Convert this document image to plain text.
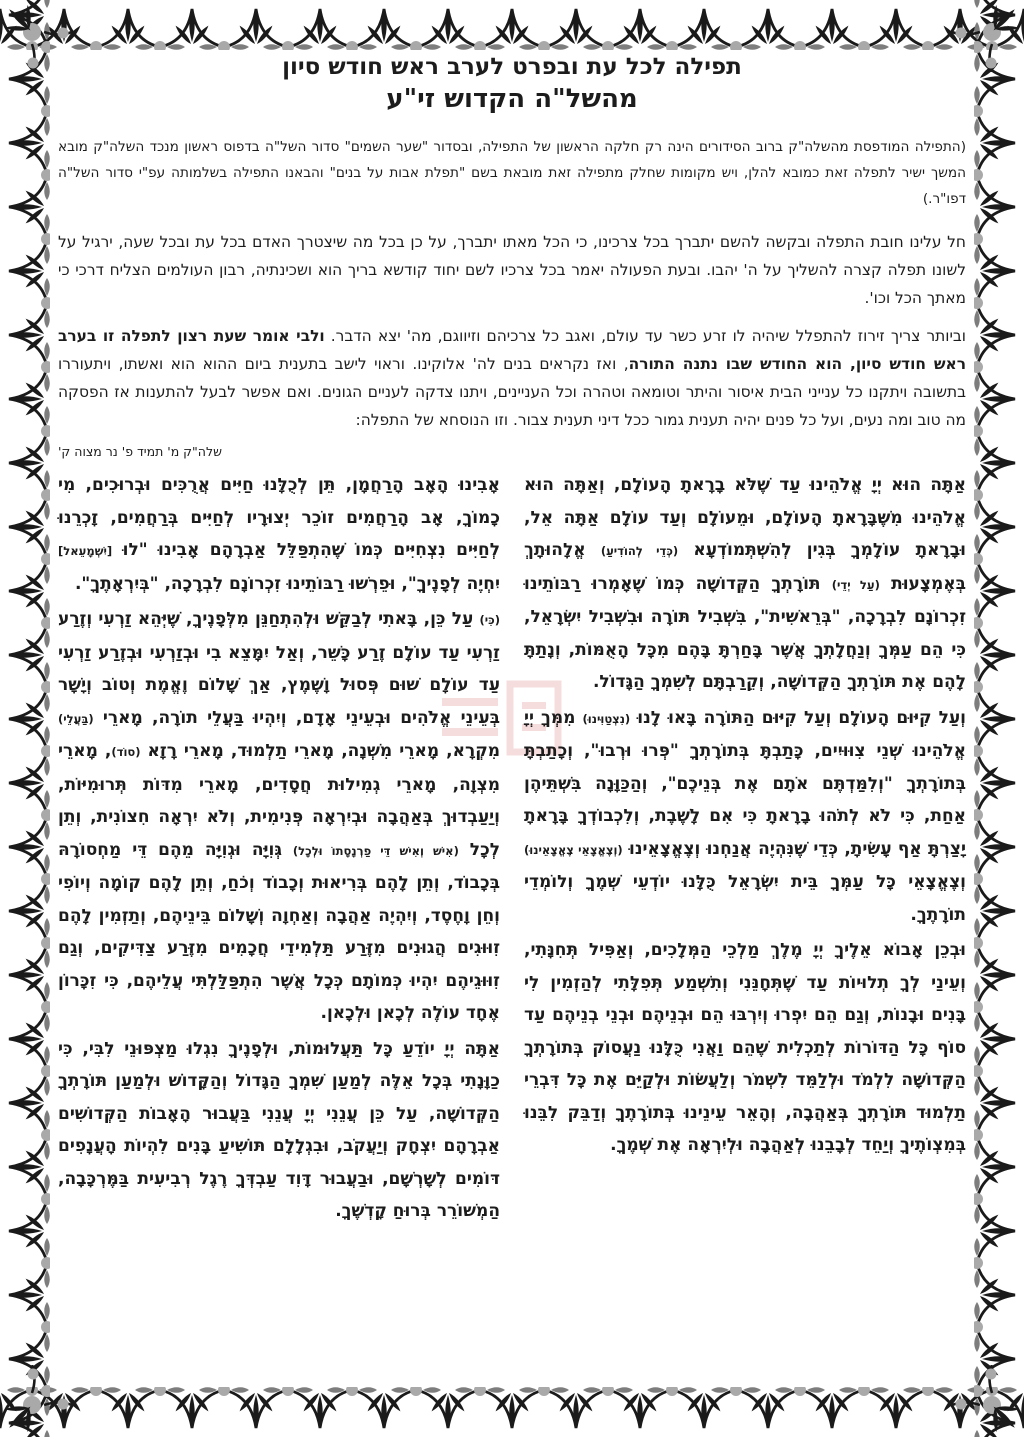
תפילה לכל עת ובפרט לערב ראש חודש סיון
מהשל"ה הקדוש זי"ע

(התפילה המודפסת מהשלה"ק ברוב הסידורים הינה רק חלקה הראשון של התפילה, ובסדור "שער השמים" סדור השל"ה בדפוס ראשון מנכד השלה"ק מובא המשך ישיר לתפלה זאת כמובא להלן, ויש מקומות שחלק מתפילה זאת מובאת בשם "תפלת אבות על בנים" והבאנו התפילה בשלמותה עפ"י סדור השל"ה דפו"ר.)

חל עלינו חובת התפלה ובקשה להשם יתברך בכל צרכינו, כי הכל מאתו יתברך, על כן בכל מה שיצטרך האדם בכל עת ובכל שעה, ירגיל על לשונו תפלה קצרה להשליך על ה' יהבו. ובעת הפעולה יאמר בכל צרכיו לשם יחוד קודשא בריך הוא ושכינתיה, רבון העולמים הצליח דרכי כי מאתך הכל וכו'.

וביותר צריך זירוז להתפלל שיהיה לו זרע כשר עד עולם, ואגב כל צרכיהם וזיווגם, מה' יצא הדבר. ולבי אומר שעת רצון לתפלה זו בערב ראש חודש סיון, הוא החודש שבו נתנה התורה, ואז נקראים בנים לה' אלוקינו. וראוי לישב בתענית ביום ההוא הוא ואשתו, ויתעוררו בתשובה ויתקנו כל ענייני הבית איסור והיתר וטומאה וטהרה וכל העניינים, ויתנו צדקה לעניים הגונים. ואם אפשר לבעל להתענות אז הפסקה מה טוב ומה נעים, ועל כל פנים יהיה תענית גמור ככל דיני תענית צבור. וזו הנוסחא של התפלה:

שלה"ק מ' תמיד פ' נר מצוה ק'

אַתָּה הוּא יְיָ אֱלֹהֵינוּ עַד שֶׁלֹּא בָרָאתָ הָעוֹלָם, וְאַתָּה הוּא אֱלֹהֵינוּ מִשֶּׁבָּרָאתָ הָעוֹלָם, וּמֵעוֹלָם וְעַד עוֹלָם אַתָּה אֵל, וּבָרָאתָ עוֹלָמְךָ בְּגִין לְהִשְׁתְּמוֹדְעָא (כְּדֵי לְהוֹדִיעַ) אֱלָהוּתָךְ בְּאֶמְצָעוּת (עַל יְדֵי) תּוֹרָתְךָ הַקְּדוֹשָׁה כְּמוֹ שֶׁאָמְרוּ רַבּוֹתֵינוּ זִכְרוֹנָם לִבְרָכָה, "בְּרֵאשִׁית", בִּשְׁבִיל תּוֹרָה וּבִשְׁבִיל יִשְׂרָאֵל, כִּי הֵם עַמְּךָ וְנַחֲלָתְךָ אֲשֶׁר בָּחַרְתָּ בָּהֶם מִכָּל הָאֻמּוֹת, וְנָתַתָּ לָהֶם אֶת תּוֹרָתְךָ הַקְּדוֹשָׁה, וְקֵרַבְתָּם לְשִׁמְךָ הַגָּדוֹל.

וְעַל קִיּוּם הָעוֹלָם וְעַל קִיּוּם הַתּוֹרָה בָּאוּ לָנוּ (נִצְטַוִּינוּ) מִמְּךָ יְיָ אֱלֹהֵינוּ שְׁנֵי צִוּוּיִים, כָּתַבְתָּ בְּתוֹרָתְךָ "פְּרוּ וּרְבוּ", וְכָתַבְתָּ בְּתוֹרָתְךָ "וְלִמַּדְתֶּם אֹתָם אֶת בְּנֵיכֶם", וְהַכַּוָּנָה בִּשְׁתֵּיהֶן אַחַת, כִּי לֹא לְתֹהוּ בָרָאתָ כִּי אִם לָשֶׁבֶת, וְלִכְבוֹדְךָ בָּרָאתָ יָצַרְתָּ אַף עָשִׂיתָ, כְּדֵי שֶׁנִּהְיֶה אֲנַחְנוּ וְצֶאֱצָאֵינוּ (וְצֶאֱצָאֵי צֶאֱצָאֵינוּ) וְצֶאֱצָאֵי כָּל עַמְּךָ בֵּית יִשְׂרָאֵל כֻּלָּנוּ יוֹדְעֵי שְׁמֶךָ וְלוֹמְדֵי תוֹרָתֶךָ.

וּבְכֵן אָבוֹא אֵלֶיךָ יְיָ מֶלֶךְ מַלְכֵי הַמְּלָכִים, וְאַפִּיל תְּחִנָּתִי, וְעֵינַי לְךָ תְלוּיוֹת עַד שֶׁתְּחָנֵּנִי וְתִשְׁמַע תְּפִלָּתִי לְהַזְמִין לִי בָּנִים וּבָנוֹת, וְגַם הֵם יִפְרוּ וְיִרְבּוּ הֵם וּבְנֵיהֶם וּבְנֵי בְנֵיהֶם עַד סוֹף כָּל הַדּוֹרוֹת לְתַכְלִית שֶׁהֵם וַאֲנִי כֻּלָּנוּ נַעֲסוֹק בְּתוֹרָתְךָ הַקְּדוֹשָׁה לִלְמֹד וּלְלַמֵּד לִשְׁמֹר וְלַעֲשׂוֹת וּלְקַיֵּם אֶת כָּל דִּבְרֵי תַלְמוּד תּוֹרָתְךָ בְּאַהֲבָה, וְהָאֵר עֵינֵינוּ בְּתוֹרָתֶךָ וְדַבֵּק לִבֵּנוּ בְּמִצְוֹתֶיךָ וְיַחֵד לְבָבֵנוּ לְאַהֲבָה וּלְיִרְאָה אֶת שְׁמֶךָ.

אָבִינוּ הָאָב הָרַחֲמָן, תֵּן לְכֻלָּנוּ חַיִּים אֲרֻכִּים וּבְרוּכִים, מִי כָמוֹךָ, אָב הָרַחֲמִים זוֹכֵר יְצוּרָיו לְחַיִּים בְּרַחֲמִים, זָכְרֵנוּ לְחַיִּים נִצְחִיִּים כְּמוֹ שֶׁהִתְפַּלֵּל אַבְרָהָם אָבִינוּ "לוּ [יִשְׁמָעֵאל] יִחְיֶה לְפָנֶיךָ", וּפֵרְשׁוּ רַבּוֹתֵינוּ זִכְרוֹנָם לִבְרָכָה, "בְּיִרְאָתֶךָ".

(כִּי) עַל כֵּן, בָּאתִי לְבַקֵּשׁ וּלְהִתְחַנֵּן מִלְּפָנֶיךָ, שֶׁיְּהֵא זַרְעִי וְזֶרַע זַרְעִי עַד עוֹלָם זֶרַע כָּשֵׁר, וְאַל יִמָּצֵא בִי וּבְזַרְעִי וּבְזֶרַע זַרְעִי עַד עוֹלָם שׁוּם פְּסוּל וָשֶׁמֶץ, אַךְ שָׁלוֹם וֶאֱמֶת וְטוֹב וְיָשָׁר בְּעֵינֵי אֱלֹהִים וּבְעֵינֵי אָדָם, וְיִהְיוּ בַּעֲלֵי תוֹרָה, מָארֵי (בַּעֲלֵי) מִקְרָא, מָארֵי מִשְׁנָה, מָארֵי תַלְמוּד, מָארֵי רָזָא (סוֹד), מָארֵי מִצְוָה, מָארֵי גְמִילוּת חֲסָדִים, מָארֵי מִדּוֹת תְּרוּמִיּוֹת, וְיַעַבְדוּךְ בְּאַהֲבָה וּבְיִרְאָה פְּנִימִית, וְלֹא יִרְאָה חִצוֹנִית, וְתֵן לְכָל (אִישׁ וְאִישׁ דֵּי פַרְנָסָתוֹ וּלְכָל) גְּוִיָּה וּגְוִיָּה מֵהֶם דֵּי מַחְסוֹרָהּ בְּכָבוֹד, וְתֵן לָהֶם בְּרִיאוּת וְכָבוֹד וְכֹחַ, וְתֵן לָהֶם קוֹמָה וְיוֹפִי וְחֵן וָחֶסֶד, וְיִהְיֶה אַהֲבָה וְאַחְוָה וְשָׁלוֹם בֵּינֵיהֶם, וְתַזְמִין לָהֶם זִוּוּגִים הֲגוּנִים מִזֶּרַע תַּלְמִידֵי חֲכָמִים מִזֶּרַע צַדִּיקִים, וְגַם זִוּוּגֵיהֶם יִהְיוּ כְּמוֹתָם כְּכָל אֲשֶׁר הִתְפַּלַּלְתִּי עֲלֵיהֶם, כִּי זִכָּרוֹן אֶחָד עוֹלֶה לְכָאן וּלְכָאן.

אַתָּה יְיָ יוֹדֵעַ כָּל תַּעֲלוּמוֹת, וּלְפָנֶיךָ נִגְלוּ מַצְפּוּנֵי לִבִּי, כִּי כַוָּנָתִי בְּכָל אֵלֶּה לְמַעַן שִׁמְךָ הַגָּדוֹל וְהַקָּדוֹשׁ וּלְמַעַן תּוֹרָתְךָ הַקְּדוֹשָׁה, עַל כֵּן עֲנֵנִי יְיָ עֲנֵנִי בַּעֲבוּר הָאָבוֹת הַקְּדוֹשִׁים אַבְרָהָם יִצְחָק וְיַעֲקֹב, וּבִגְלָלָם תּוֹשִׁיעַ בָּנִים לִהְיוֹת הָעֲנָפִים דּוֹמִים לְשָׁרְשָׁם, וּבַעֲבוּר דָּוִד עַבְדְּךָ רֶגֶל רְבִיעִית בַּמֶּרְכָּבָה, הַמְשׁוֹרֵר בְּרוּחַ קָדְשֶׁךָ.
